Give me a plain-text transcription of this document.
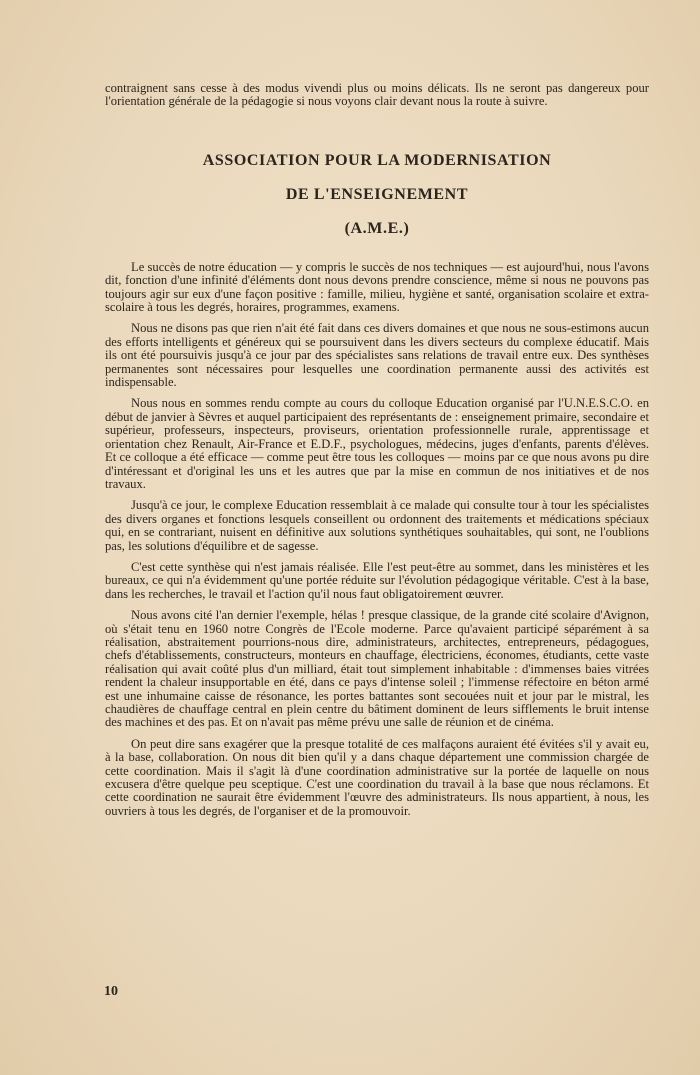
contraignent sans cesse à des modus vivendi plus ou moins délicats. Ils ne seront pas dangereux pour l'orientation générale de la pédagogie si nous voyons clair devant nous la route à suivre.

ASSOCIATION POUR LA MODERNISATION
DE L'ENSEIGNEMENT
(A.M.E.)

Le succès de notre éducation — y compris le succès de nos techniques — est aujourd'hui, nous l'avons dit, fonction d'une infinité d'éléments dont nous devons prendre conscience, même si nous ne pouvons pas toujours agir sur eux d'une façon positive : famille, milieu, hygiène et santé, organisation scolaire et extra-scolaire à tous les degrés, horaires, programmes, examens.

Nous ne disons pas que rien n'ait été fait dans ces divers domaines et que nous ne sous-estimons aucun des efforts intelligents et généreux qui se poursuivent dans les divers secteurs du complexe éducatif. Mais ils ont été poursuivis jusqu'à ce jour par des spécialistes sans relations de travail entre eux. Des synthèses permanentes sont nécessaires pour lesquelles une coordination permanente aussi des activités est indispensable.

Nous nous en sommes rendu compte au cours du colloque Education organisé par l'U.N.E.S.C.O. en début de janvier à Sèvres et auquel participaient des représentants de : enseignement primaire, secondaire et supérieur, professeurs, inspecteurs, proviseurs, orientation professionnelle rurale, apprentissage et orientation chez Renault, Air-France et E.D.F., psychologues, médecins, juges d'enfants, parents d'élèves. Et ce colloque a été efficace — comme peut être tous les colloques — moins par ce que nous avons pu dire d'intéressant et d'original les uns et les autres que par la mise en commun de nos initiatives et de nos travaux.

Jusqu'à ce jour, le complexe Education ressemblait à ce malade qui consulte tour à tour les spécialistes des divers organes et fonctions lesquels conseillent ou ordonnent des traitements et médications spéciaux qui, en se contrariant, nuisent en définitive aux solutions synthétiques souhaitables, qui sont, ne l'oublions pas, les solutions d'équilibre et de sagesse.

C'est cette synthèse qui n'est jamais réalisée. Elle l'est peut-être au sommet, dans les ministères et les bureaux, ce qui n'a évidemment qu'une portée réduite sur l'évolution pédagogique véritable. C'est à la base, dans les recherches, le travail et l'action qu'il nous faut obligatoirement œuvrer.

Nous avons cité l'an dernier l'exemple, hélas ! presque classique, de la grande cité scolaire d'Avignon, où s'était tenu en 1960 notre Congrès de l'Ecole moderne. Parce qu'avaient participé séparément à sa réalisation, abstraitement pourrions-nous dire, administrateurs, architectes, entrepreneurs, pédagogues, chefs d'établissements, constructeurs, monteurs en chauffage, électriciens, économes, étudiants, cette vaste réalisation qui avait coûté plus d'un milliard, était tout simplement inhabitable : d'immenses baies vitrées rendent la chaleur insupportable en été, dans ce pays d'intense soleil ; l'immense réfectoire en béton armé est une inhumaine caisse de résonance, les portes battantes sont secouées nuit et jour par le mistral, les chaudières de chauffage central en plein centre du bâtiment dominent de leurs sifflements le bruit intense des machines et des pas. Et on n'avait pas même prévu une salle de réunion et de cinéma.

On peut dire sans exagérer que la presque totalité de ces malfaçons auraient été évitées s'il y avait eu, à la base, collaboration. On nous dit bien qu'il y a dans chaque département une commission chargée de cette coordination. Mais il s'agit là d'une coordination administrative sur la portée de laquelle on nous excusera d'être quelque peu sceptique. C'est une coordination du travail à la base que nous réclamons. Et cette coordination ne saurait être évidemment l'œuvre des administrateurs. Ils nous appartient, à nous, les ouvriers à tous les degrés, de l'organiser et de la promouvoir.

10
